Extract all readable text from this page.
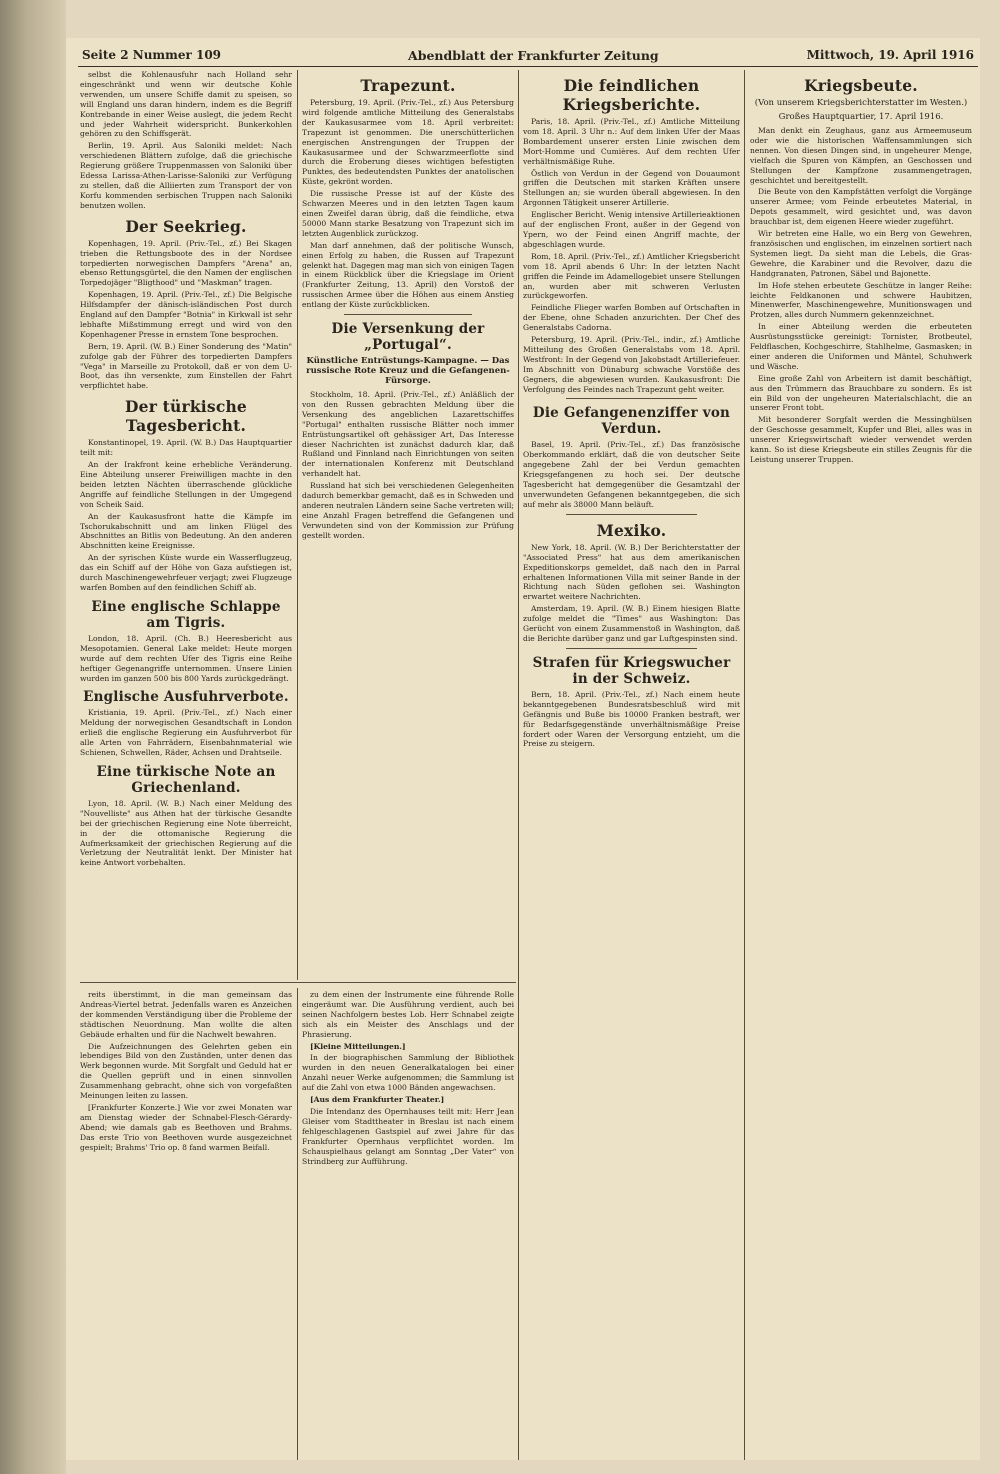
Seite 2 Nummer 109	Abendblatt der Frankfurter Zeitung	Mittwoch, 19. April 1916

selbst die Kohlenausfuhr nach Holland sehr eingeschränkt und wenn wir deutsche Kohle verwenden, um unsere Schiffe damit zu speisen, so will England uns daran hindern, indem es die Begriff Kontrebande in einer Weise auslegt, die jedem Recht und jeder Wahrheit widerspricht. Bunkerkohlen gehören zu den Schiffsgerät.

Berlin, 19. April. Aus Saloniki meldet: Nach verschiedenen Blättern zufolge, daß die griechische Regierung größere Truppenmassen von Saloniki über Edessa Larissa-Athen-Larisse-Saloniki zur Verfügung zu stellen, daß die Alliierten zum Transport der von Korfu kommenden serbischen Truppen nach Saloniki benutzen wollen.

Der Seekrieg.

Kopenhagen, 19. April. (Priv.-Tel., zf.) Bei Skagen trieben die Rettungsboote des in der Nordsee torpedierten norwegischen Dampfers "Arena" an, ebenso Rettungsgürtel, die den Namen der englischen Torpedojäger "Bligthood" und "Maskman" tragen.

Kopenhagen, 19. April. (Priv.-Tel., zf.) Die Belgische Hilfsdampfer der dänisch-isländischen Post durch England auf den Dampfer "Botnia" in Kirkwall ist sehr lebhafte Mißstimmung erregt und wird von den Kopenhagener Presse in ernstem Tone besprochen.

Bern, 19. April. (W. B.) Einer Sonderung des "Matin" zufolge gab der Führer des torpedierten Dampfers "Vega" in Marseille zu Protokoll, daß er von dem U-Boot, das ihn versenkte, zum Einstellen der Fahrt verpflichtet habe.

Der türkische Tagesbericht.

Konstantinopel, 19. April. (W. B.) Das Hauptquartier teilt mit:

An der Irakfront keine erhebliche Veränderung. Eine Abteilung unserer Freiwilligen machte in den beiden letzten Nächten überraschende glückliche Angriffe auf feindliche Stellungen in der Umgegend von Scheik Said.

An der Kaukasusfront hatte die Kämpfe im Tschorukabschnitt und am linken Flügel des Abschnittes an Bitlis von Bedeutung. An den anderen Abschnitten keine Ereignisse.

An der syrischen Küste wurde ein Wasserflugzeug, das ein Schiff auf der Höhe von Gaza aufstiegen ist, durch Maschinengewehrfeuer verjagt; zwei Flugzeuge warfen Bomben auf den feindlichen Schiff ab.

Eine englische Schlappe am Tigris.

London, 18. April. (Ch. B.) Heeresbericht aus Mesopotamien. General Lake meldet: Heute morgen wurde auf dem rechten Ufer des Tigris eine Reihe heftiger Gegenangriffe unternommen. Unsere Linien wurden im ganzen 500 bis 800 Yards zurückgedrängt.

Englische Ausfuhrverbote.

Kristiania, 19. April. (Priv.-Tel., zf.) Nach einer Meldung der norwegischen Gesandtschaft in London erließ die englische Regierung ein Ausfuhrverbot für alle Arten von Fahrrädern, Eisenbahnmaterial wie Schienen, Schwellen, Räder, Achsen und Drahtseile.

Eine türkische Note an Griechenland.

Lyon, 18. April. (W. B.) Nach einer Meldung des "Nouvelliste" aus Athen hat der türkische Gesandte bei der griechischen Regierung eine Note überreicht, in der die ottomanische Regierung die Aufmerksamkeit der griechischen Regierung auf die Verletzung der Neutralität lenkt. Der Minister hat keine Antwort vorbehalten.

Trapezunt.

Petersburg, 19. April. (Priv.-Tel., zf.) Aus Petersburg wird folgende amtliche Mitteilung des Generalstabs der Kaukasusarmee vom 18. April verbreitet: Trapezunt ist genommen. Die unerschütterlichen energischen Anstrengungen der Truppen der Kaukasusarmee und der Schwarzmeerflotte sind durch die Eroberung dieses wichtigen befestigten Punktes, des bedeutendsten Punktes der anatolischen Küste, gekrönt worden.

Die russische Presse ist auf der Küste des Schwarzen Meeres und in den letzten Tagen kaum einen Zweifel daran übrig, daß die feindliche, etwa 50000 Mann starke Besatzung von Trapezunt sich im letzten Augenblick zurückzog.

Man darf annehmen, daß der politische Wunsch, einen Erfolg zu haben, die Russen auf Trapezunt gelenkt hat. Dagegen mag man sich von einigen Tagen in einem Rückblick über die Kriegslage im Orient (Frankfurter Zeitung, 13. April) den Vorstoß der russischen Armee über die Höhen aus einem Anstieg entlang der Küste zurückblicken.

Die Versenkung der „Portugal“.
Künstliche Entrüstungs-Kampagne. — Das russische Rote Kreuz und die Gefangenen-Fürsorge.

Stockholm, 18. April. (Priv.-Tel., zf.) Anläßlich der von den Russen gebrachten Meldung über die Versenkung des angeblichen Lazarettschiffes "Portugal" enthalten russische Blätter noch immer Entrüstungsartikel oft gehässiger Art, Das Interesse dieser Nachrichten ist zunächst dadurch klar, daß Rußland und Finnland nach Einrichtungen von seiten der internationalen Konferenz mit Deutschland verhandelt hat.

Russland hat sich bei verschiedenen Gelegenheiten dadurch bemerkbar gemacht, daß es in Schweden und anderen neutralen Ländern seine Sache vertreten will; eine Anzahl Fragen betreffend die Gefangenen und Verwundeten sind von der Kommission zur Prüfung gestellt worden.

Die feindlichen Kriegsberichte.

Paris, 18. April. (Priv.-Tel., zf.) Amtliche Mitteilung vom 18. April. 3 Uhr n.: Auf dem linken Ufer der Maas Bombardement unserer ersten Linie zwischen dem Mort-Homme und Cumières. Auf dem rechten Ufer verhältnismäßige Ruhe.

Östlich von Verdun in der Gegend von Douaumont griffen die Deutschen mit starken Kräften unsere Stellungen an; sie wurden überall abgewiesen. In den Argonnen Tätigkeit unserer Artillerie.

Englischer Bericht. Wenig intensive Artillerieaktionen auf der englischen Front, außer in der Gegend von Ypern, wo der Feind einen Angriff machte, der abgeschlagen wurde.

Rom, 18. April. (Priv.-Tel., zf.) Amtlicher Kriegsbericht vom 18. April abends 6 Uhr: In der letzten Nacht griffen die Feinde im Adamellogebiet unsere Stellungen an, wurden aber mit schweren Verlusten zurückgeworfen.

Feindliche Flieger warfen Bomben auf Ortschaften in der Ebene, ohne Schaden anzurichten. Der Chef des Generalstabs Cadorna.

Petersburg, 19. April. (Priv.-Tel., indir., zf.) Amtliche Mitteilung des Großen Generalstabs vom 18. April. Westfront: In der Gegend von Jakobstadt Artilleriefeuer. Im Abschnitt von Dünaburg schwache Vorstöße des Gegners, die abgewiesen wurden. Kaukasusfront: Die Verfolgung des Feindes nach Trapezunt geht weiter.

Die Gefangenenziffer von Verdun.

Basel, 19. April. (Priv.-Tel., zf.) Das französische Oberkommando erklärt, daß die von deutscher Seite angegebene Zahl der bei Verdun gemachten Kriegsgefangenen zu hoch sei. Der deutsche Tagesbericht hat demgegenüber die Gesamtzahl der unverwundeten Gefangenen bekanntgegeben, die sich auf mehr als 38000 Mann beläuft.

Mexiko.

New York, 18. April. (W. B.) Der Berichterstatter der "Associated Press" hat aus dem amerikanischen Expeditionskorps gemeldet, daß nach den in Parral erhaltenen Informationen Villa mit seiner Bande in der Richtung nach Süden geflohen sei. Washington erwartet weitere Nachrichten.

Amsterdam, 19. April. (W. B.) Einem hiesigen Blatte zufolge meldet die "Times" aus Washington: Das Gerücht von einem Zusammenstoß in Washington, daß die Berichte darüber ganz und gar Luftgespinsten sind.

Strafen für Kriegswucher in der Schweiz.

Bern, 18. April. (Priv.-Tel., zf.) Nach einem heute bekanntgegebenen Bundesratsbeschluß wird mit Gefängnis und Buße bis 10000 Franken bestraft, wer für Bedarfsgegenstände unverhältnismäßige Preise fordert oder Waren der Versorgung entzieht, um die Preise zu steigern.

Kriegsbeute.
(Von unserem Kriegsberichterstatter im Westen.)
Großes Hauptquartier, 17. April 1916.

Man denkt ein Zeughaus, ganz aus Armeemuseum oder wie die historischen Waffensammlungen sich nennen. Von diesen Dingen sind, in ungeheurer Menge, vielfach die Spuren von Kämpfen, an Geschossen und Stellungen der Kampfzone zusammengetragen, geschichtet und bereitgestellt.

Die Beute von den Kampfstätten verfolgt die Vorgänge unserer Armee; vom Feinde erbeutetes Material, in Depots gesammelt, wird gesichtet und, was davon brauchbar ist, dem eigenen Heere wieder zugeführt.

Wir betreten eine Halle, wo ein Berg von Gewehren, französischen und englischen, im einzelnen sortiert nach Systemen liegt. Da sieht man die Lebels, die Gras-Gewehre, die Karabiner und die Revolver, dazu die Handgranaten, Patronen, Säbel und Bajonette.

Im Hofe stehen erbeutete Geschütze in langer Reihe: leichte Feldkanonen und schwere Haubitzen, Minenwerfer, Maschinengewehre, Munitionswagen und Protzen, alles durch Nummern gekennzeichnet.

In einer Abteilung werden die erbeuteten Ausrüstungsstücke gereinigt: Tornister, Brotbeutel, Feldflaschen, Kochgeschirre, Stahlhelme, Gasmasken; in einer anderen die Uniformen und Mäntel, Schuhwerk und Wäsche.

Eine große Zahl von Arbeitern ist damit beschäftigt, aus den Trümmern das Brauchbare zu sondern. Es ist ein Bild von der ungeheuren Materialschlacht, die an unserer Front tobt.

Mit besonderer Sorgfalt werden die Messinghülsen der Geschosse gesammelt, Kupfer und Blei, alles was in unserer Kriegswirtschaft wieder verwendet werden kann. So ist diese Kriegsbeute ein stilles Zeugnis für die Leistung unserer Truppen.

reits überstimmt, in die man gemeinsam das Andreas-Viertel betrat. Jedenfalls waren es Anzeichen der kommenden Verständigung über die Probleme der städtischen Neuordnung. Man wollte die alten Gebäude erhalten und für die Nachwelt bewahren.

Die Aufzeichnungen des Gelehrten geben ein lebendiges Bild von den Zuständen, unter denen das Werk begonnen wurde. Mit Sorgfalt und Geduld hat er die Quellen geprüft und in einen sinnvollen Zusammenhang gebracht, ohne sich von vorgefaßten Meinungen leiten zu lassen.

[Frankfurter Konzerte.] Wie vor zwei Monaten war am Dienstag wieder der Schnabel-Flesch-Gérardy-Abend; wie damals gab es Beethoven und Brahms. Das erste Trio von Beethoven wurde ausgezeichnet gespielt; Brahms' Trio op. 8 fand warmen Beifall.

zu dem einen der Instrumente eine führende Rolle eingeräumt war. Die Ausführung verdient, auch bei seinen Nachfolgern bestes Lob. Herr Schnabel zeigte sich als ein Meister des Anschlags und der Phrasierung.

[Kleine Mitteilungen.]

In der biographischen Sammlung der Bibliothek wurden in den neuen Generalkatalogen bei einer Anzahl neuer Werke aufgenommen; die Sammlung ist auf die Zahl von etwa 1000 Bänden angewachsen.

[Aus dem Frankfurter Theater.]

Die Intendanz des Opernhauses teilt mit: Herr Jean Gleiser vom Stadttheater in Breslau ist nach einem fehlgeschlagenen Gastspiel auf zwei Jahre für das Frankfurter Opernhaus verpflichtet worden. Im Schauspielhaus gelangt am Sonntag „Der Vater“ von Strindberg zur Aufführung.
